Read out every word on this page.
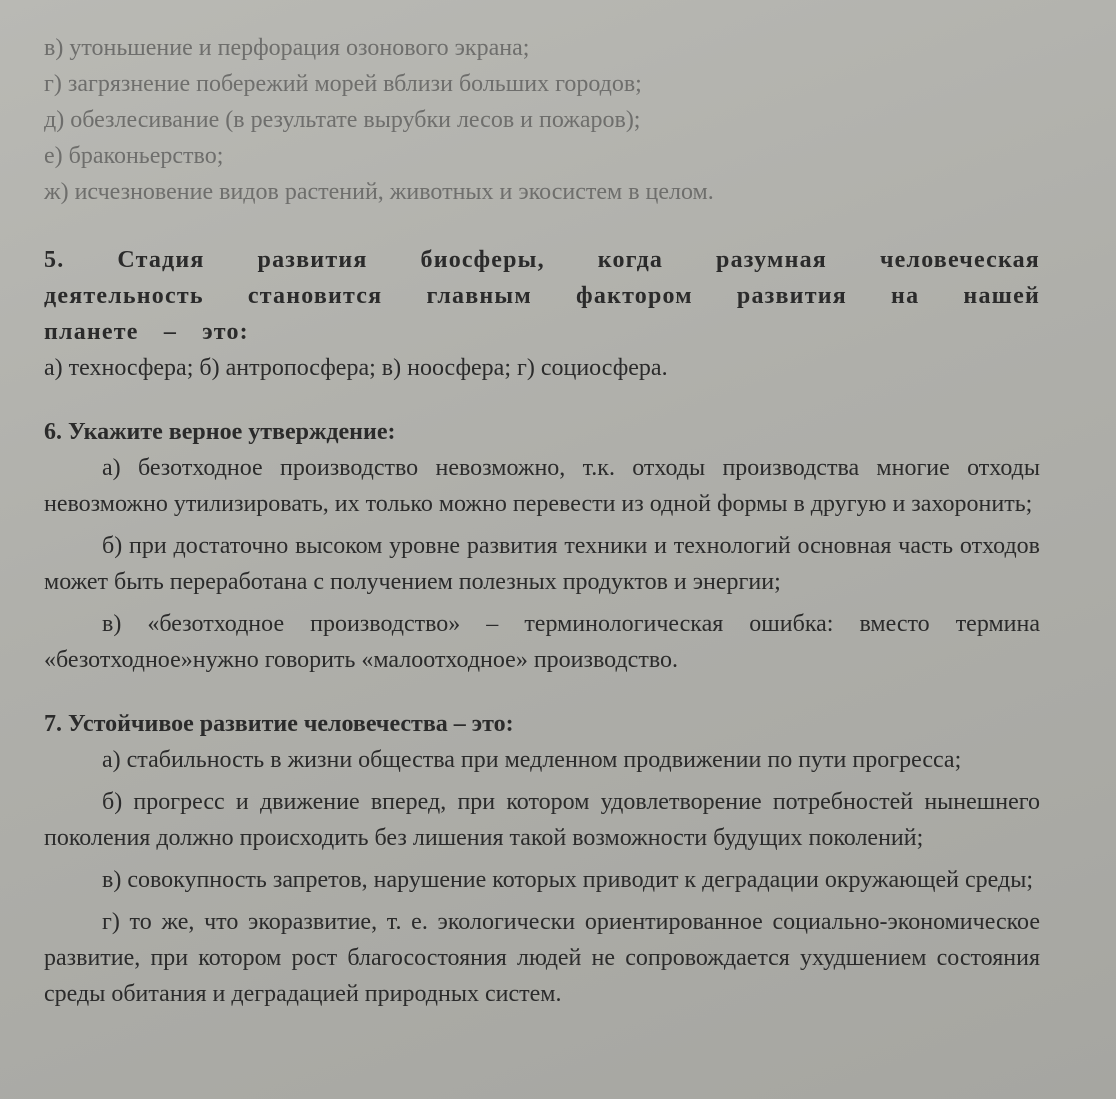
в) утоньшение и перфорация озонового экрана;
г) загрязнение побережий морей вблизи больших городов;
д) обезлесивание (в результате вырубки лесов и пожаров);
е) браконьерство;
ж) исчезновение видов растений, животных и экосистем в целом.
5. Стадия развития биосферы, когда разумная человеческая деятельность становится главным фактором развития на нашей планете – это:
а) техносфера; б) антропосфера; в) ноосфера; г) социосфера.
6. Укажите верное утверждение:

а) безотходное производство невозможно, т.к. отходы производства многие отходы невозможно утилизировать, их только можно перевести из одной формы в другую и захоронить;

б) при достаточно высоком уровне развития техники и технологий основная часть отходов может быть переработана с получением полезных продуктов и энергии;

в) «безотходное производство» – терминологическая ошибка: вместо термина «безотходное»нужно говорить «малоотходное» производство.

7. Устойчивое развитие человечества – это:

а) стабильность в жизни общества при медленном продвижении по пути прогресса;

б) прогресс и движение вперед, при котором удовлетворение потребностей нынешнего поколения должно происходить без лишения такой возможности будущих поколений;

в) совокупность запретов, нарушение которых приводит к деградации окружающей среды;

г) то же, что экоразвитие, т. е. экологически ориентированное социально-экономическое развитие, при котором рост благосостояния людей не сопровождается ухудшением состояния среды обитания и деградацией природных систем.
